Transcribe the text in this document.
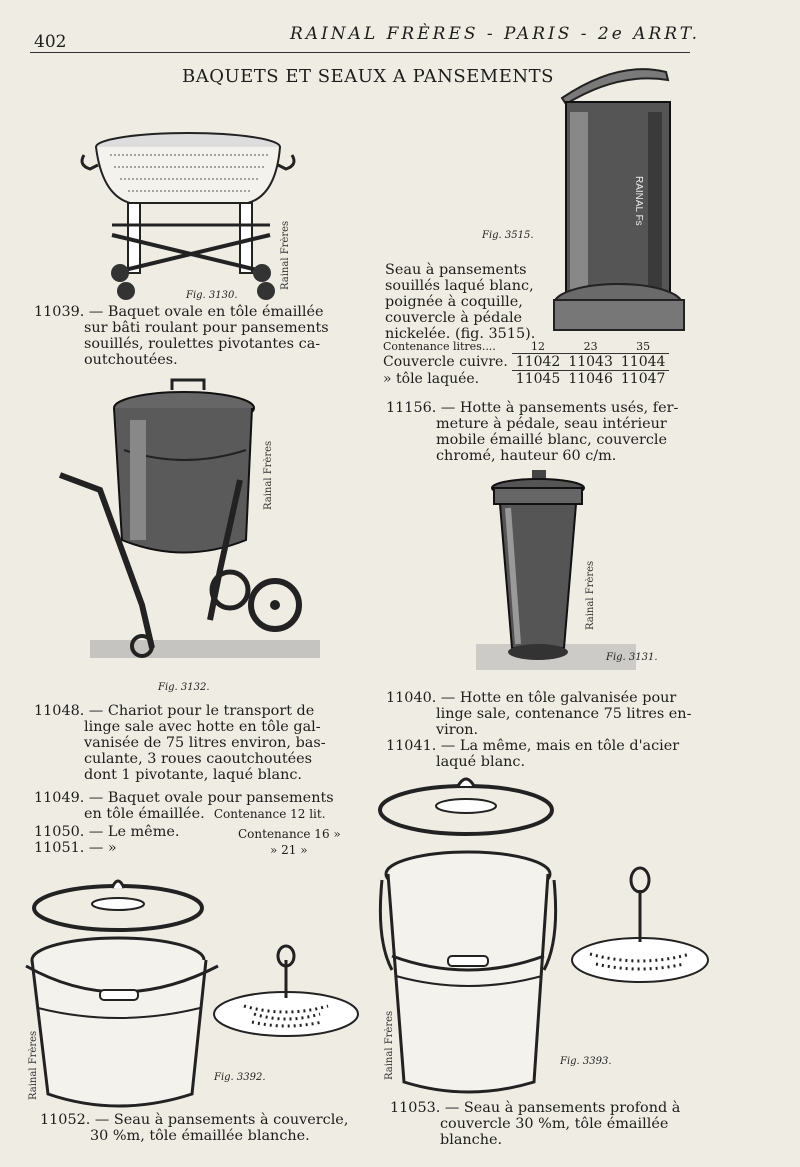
402	RAINAL FRÈRES - PARIS - 2e ARRT.
BAQUETS ET SEAUX A PANSEMENTS
Fig. 3130.
Rainal Frères
RAINAL Fs
Fig. 3515.
Seau à pansements
souillés laqué blanc,
poignée à coquille,
couvercle à pédale
nickelée. (fig. 3515).
Contenance litres....	12	23	35
Couvercle cuivre.	11042	11043	11044
» tôle laquée.	11045	11046	11047
11039. — Baquet ovale en tôle émaillée
sur bâti roulant pour pansements
souillés, roulettes pivotantes ca-
outchoutées.
11156. — Hotte à pansements usés, fer-
meture à pédale, seau intérieur
mobile émaillé blanc, couvercle
chromé, hauteur 60 c/m.
Fig. 3132.
Rainal Frères
Fig. 3131.
Rainal Frères
11048. — Chariot pour le transport de
linge sale avec hotte en tôle gal-
vanisée de 75 litres environ, bas-
culante, 3 roues caoutchoutées
dont 1 pivotante, laqué blanc.
11040. — Hotte en tôle galvanisée pour
linge sale, contenance 75 litres en-
viron.
11041. — La même, mais en tôle d'acier
laqué blanc.
11049. — Baquet ovale pour pansements
en tôle émaillée. Contenance 12 lit.
11050. — Le même.	Contenance 16 »
11051. — »	» 21 »
Fig. 3392.
Rainal Frères	Fig. 3393.
Rainal Frères
11052. — Seau à pansements à couvercle,
30 %m, tôle émaillée blanche.
11053. — Seau à pansements profond à
couvercle 30 %m, tôle émaillée
blanche.
